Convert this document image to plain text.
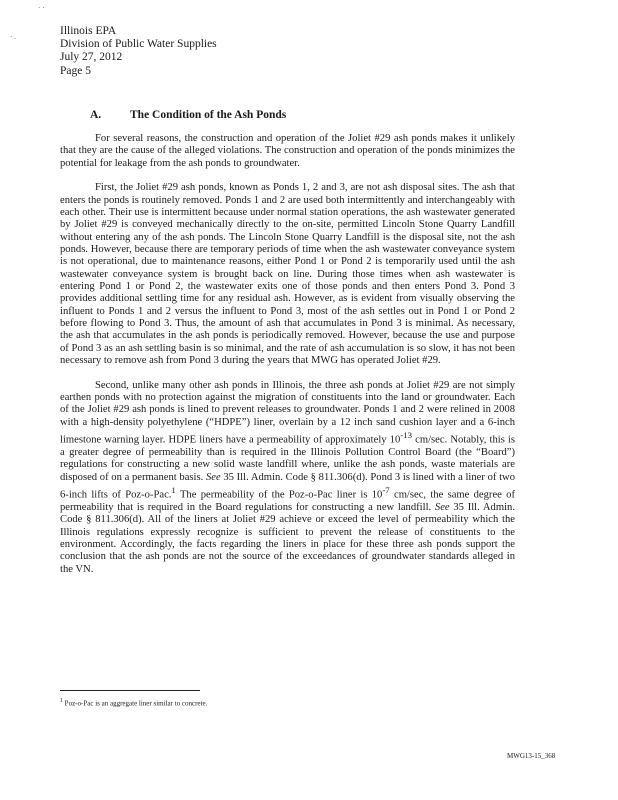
· ·
· .	Illinois EPA
Division of Public Water Supplies
July 27, 2012
Page 5
A.	The Condition of the Ash Ponds

For several reasons, the construction and operation of the Joliet #29 ash ponds makes it unlikely that they are the cause of the alleged violations. The construction and operation of the ponds minimizes the potential for leakage from the ash ponds to groundwater.

First, the Joliet #29 ash ponds, known as Ponds 1, 2 and 3, are not ash disposal sites. The ash that enters the ponds is routinely removed. Ponds 1 and 2 are used both intermittently and interchangeably with each other. Their use is intermittent because under normal station operations, the ash wastewater generated by Joliet #29 is conveyed mechanically directly to the on-site, permitted Lincoln Stone Quarry Landfill without entering any of the ash ponds. The Lincoln Stone Quarry Landfill is the disposal site, not the ash ponds. However, because there are temporary periods of time when the ash wastewater conveyance system is not operational, due to maintenance reasons, either Pond 1 or Pond 2 is temporarily used until the ash wastewater conveyance system is brought back on line. During those times when ash wastewater is entering Pond 1 or Pond 2, the wastewater exits one of those ponds and then enters Pond 3. Pond 3 provides additional settling time for any residual ash. However, as is evident from visually observing the influent to Ponds 1 and 2 versus the influent to Pond 3, most of the ash settles out in Pond 1 or Pond 2 before flowing to Pond 3. Thus, the amount of ash that accumulates in Pond 3 is minimal. As necessary, the ash that accumulates in the ash ponds is periodically removed. However, because the use and purpose of Pond 3 as an ash settling basin is so minimal, and the rate of ash accumulation is so slow, it has not been necessary to remove ash from Pond 3 during the years that MWG has operated Joliet #29.

Second, unlike many other ash ponds in Illinois, the three ash ponds at Joliet #29 are not simply earthen ponds with no protection against the migration of constituents into the land or groundwater. Each of the Joliet #29 ash ponds is lined to prevent releases to groundwater. Ponds 1 and 2 were relined in 2008 with a high-density polyethylene (“HDPE”) liner, overlain by a 12 inch sand cushion layer and a 6-inch limestone warning layer. HDPE liners have a permeability of approximately $10^{-13}$ cm/sec. Notably, this is a greater degree of permeability than is required in the Illinois Pollution Control Board (the “Board”) regulations for constructing a new solid waste landfill where, unlike the ash ponds, waste materials are disposed of on a permanent basis. See 35 Ill. Admin. Code § 811.306(d). Pond 3 is lined with a liner of two 6-inch lifts of Poz-o-Pac.$^1$ The permeability of the Poz-o-Pac liner is $10^{-7}$ cm/sec, the same degree of permeability that is required in the Board regulations for constructing a new landfill. See 35 Ill. Admin. Code § 811.306(d). All of the liners at Joliet #29 achieve or exceed the level of permeability which the Illinois regulations expressly recognize is sufficient to prevent the release of constituents to the environment. Accordingly, the facts regarding the liners in place for these three ash ponds support the conclusion that the ash ponds are not the source of the exceedances of groundwater standards alleged in the VN.

$^1$ Poz-o-Pac is an aggregate liner similar to concrete.
MWG13-15_368
